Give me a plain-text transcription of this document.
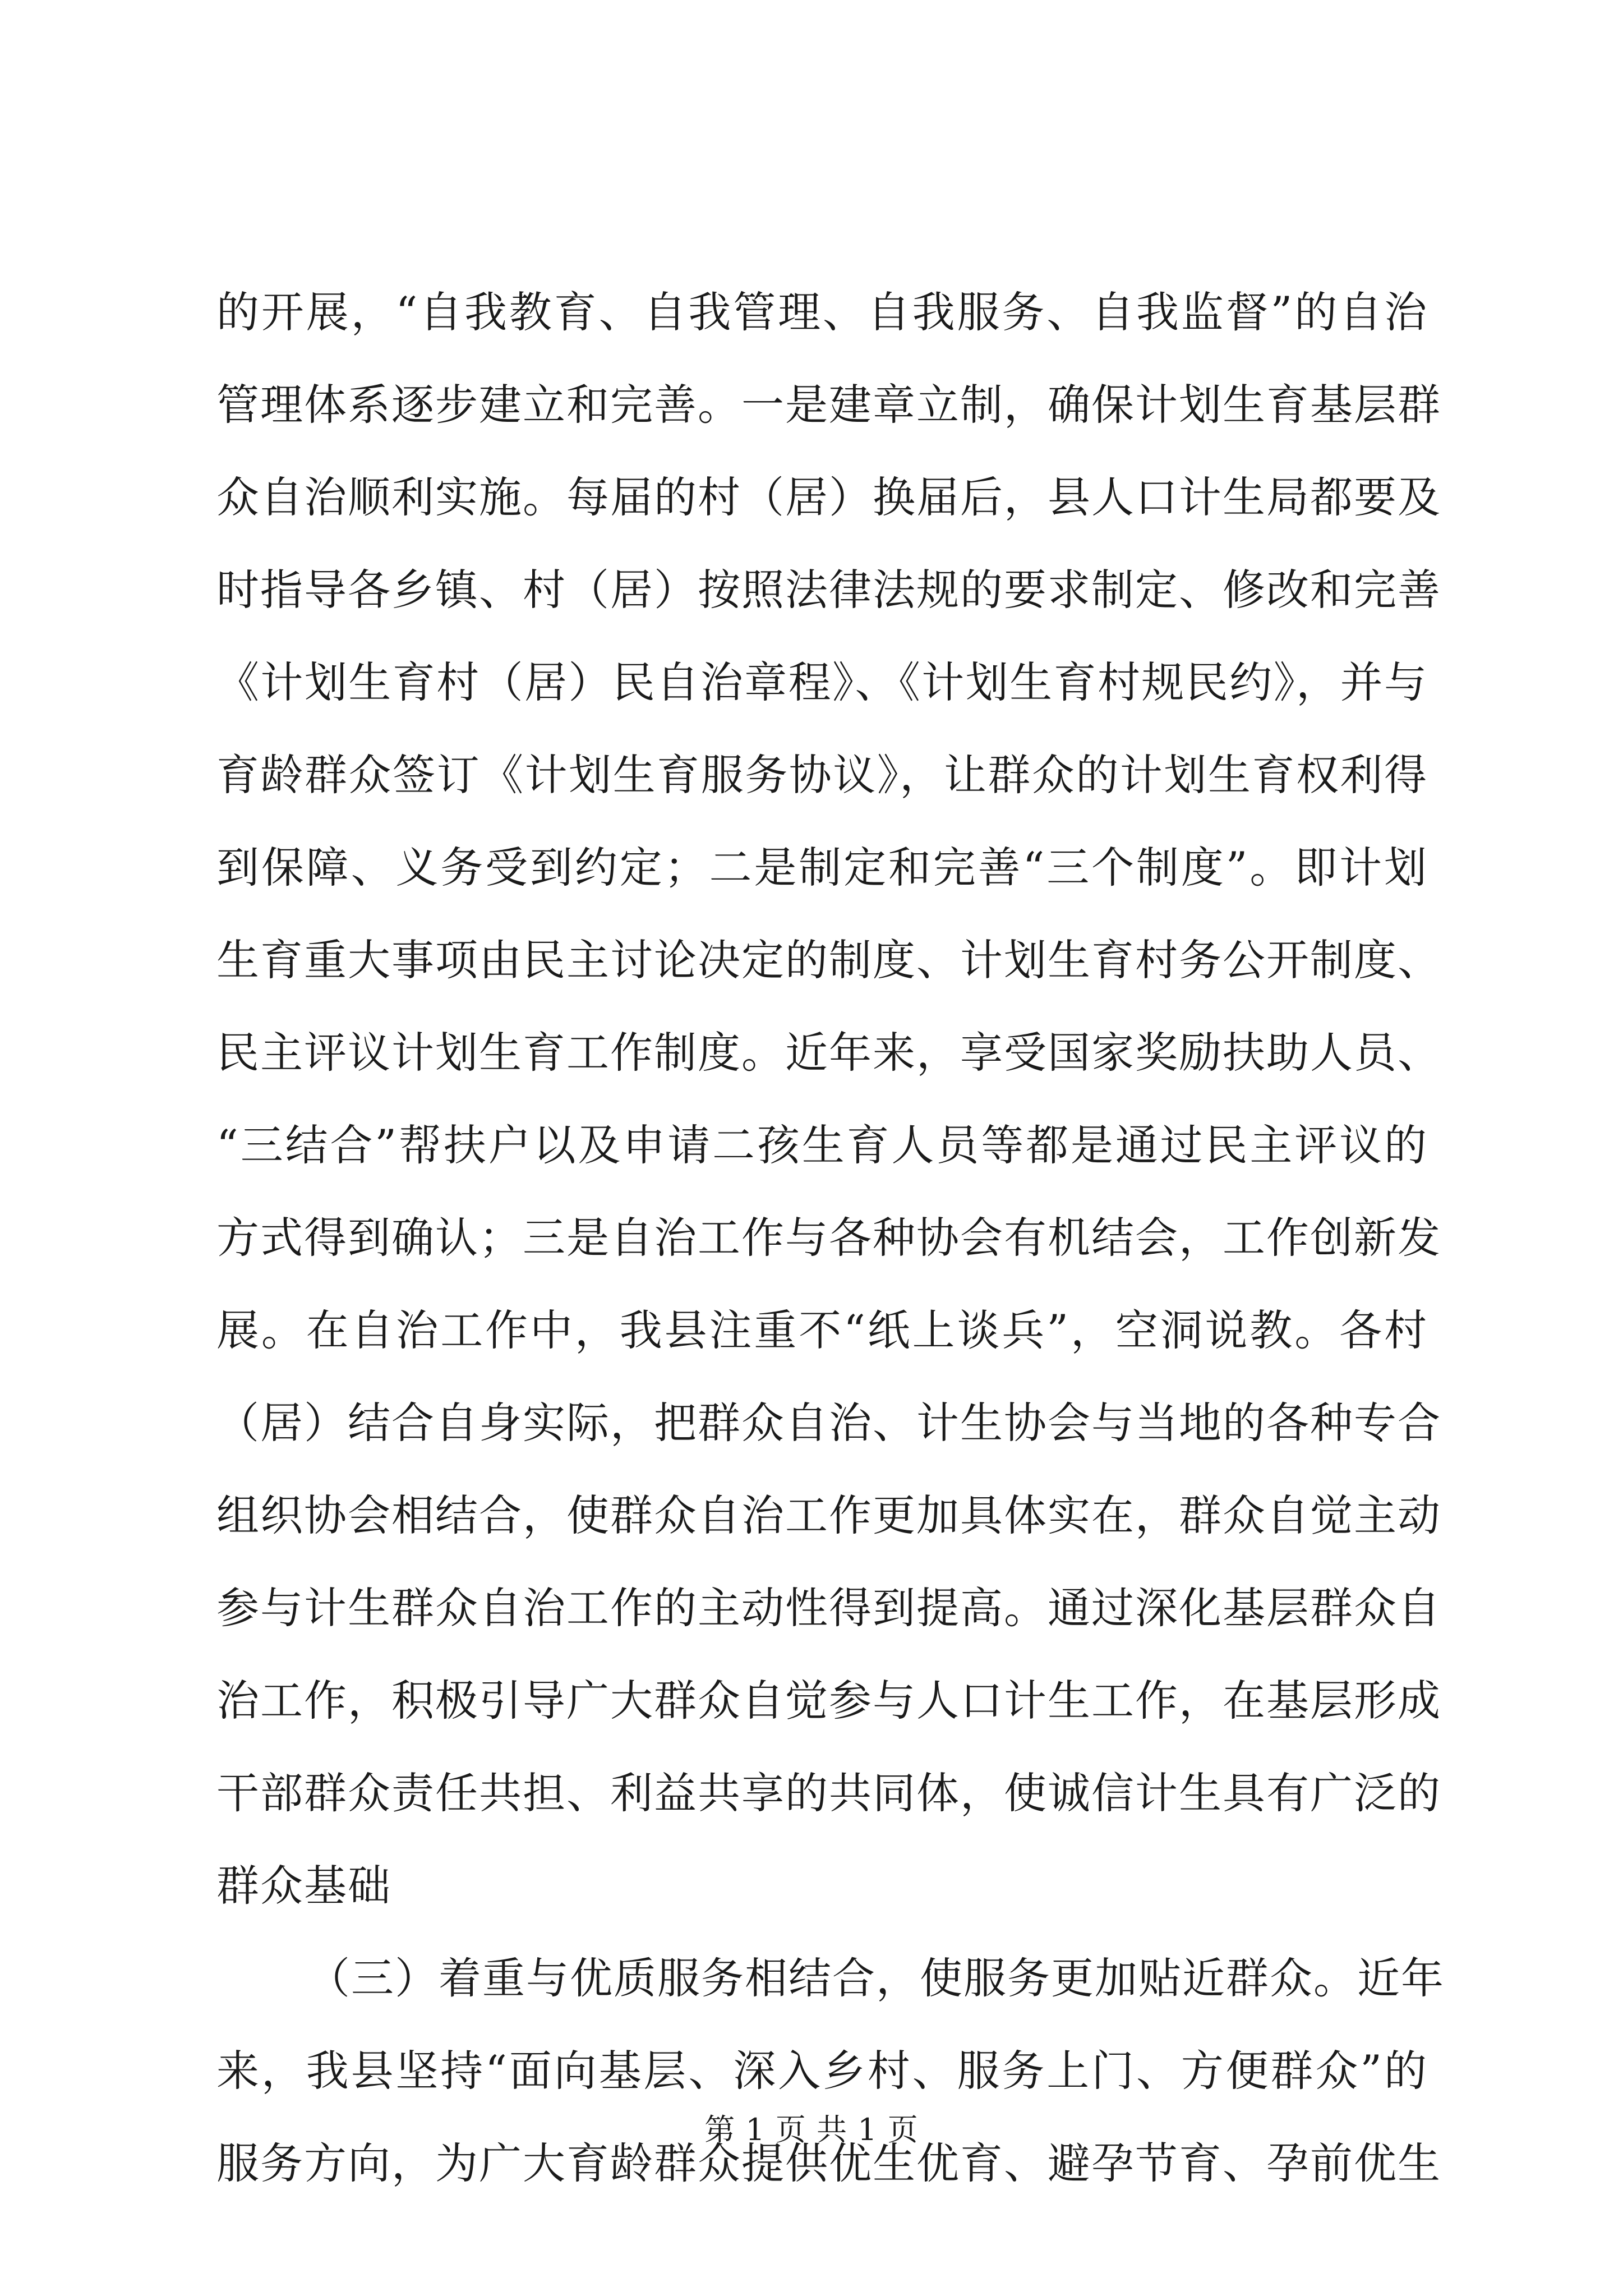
的开展，“自我教育、自我管理、自我服务、自我监督”的自治
管理体系逐步建立和完善。一是建章立制，确保计划生育基层群
众自治顺利实施。每届的村（居）换届后，县人口计生局都要及
时指导各乡镇、村（居）按照法律法规的要求制定、修改和完善
《计划生育村（居）民自治章程》、《计划生育村规民约》，并与
育龄群众签订《计划生育服务协议》，让群众的计划生育权利得
到保障、义务受到约定；二是制定和完善“三个制度”。即计划
生育重大事项由民主讨论决定的制度、计划生育村务公开制度、
民主评议计划生育工作制度。近年来，享受国家奖励扶助人员、
“三结合”帮扶户以及申请二孩生育人员等都是通过民主评议的
方式得到确认；三是自治工作与各种协会有机结会，工作创新发
展。在自治工作中，我县注重不“纸上谈兵”，空洞说教。各村
（居）结合自身实际，把群众自治、计生协会与当地的各种专合
组织协会相结合，使群众自治工作更加具体实在，群众自觉主动
参与计生群众自治工作的主动性得到提高。通过深化基层群众自
治工作，积极引导广大群众自觉参与人口计生工作，在基层形成
干部群众责任共担、利益共享的共同体，使诚信计生具有广泛的
群众基础
（三）着重与优质服务相结合，使服务更加贴近群众。近年
来，我县坚持“面向基层、深入乡村、服务上门、方便群众”的
服务方向，为广大育龄群众提供优生优育、避孕节育、孕前优生
第 1 页 共 1 页
